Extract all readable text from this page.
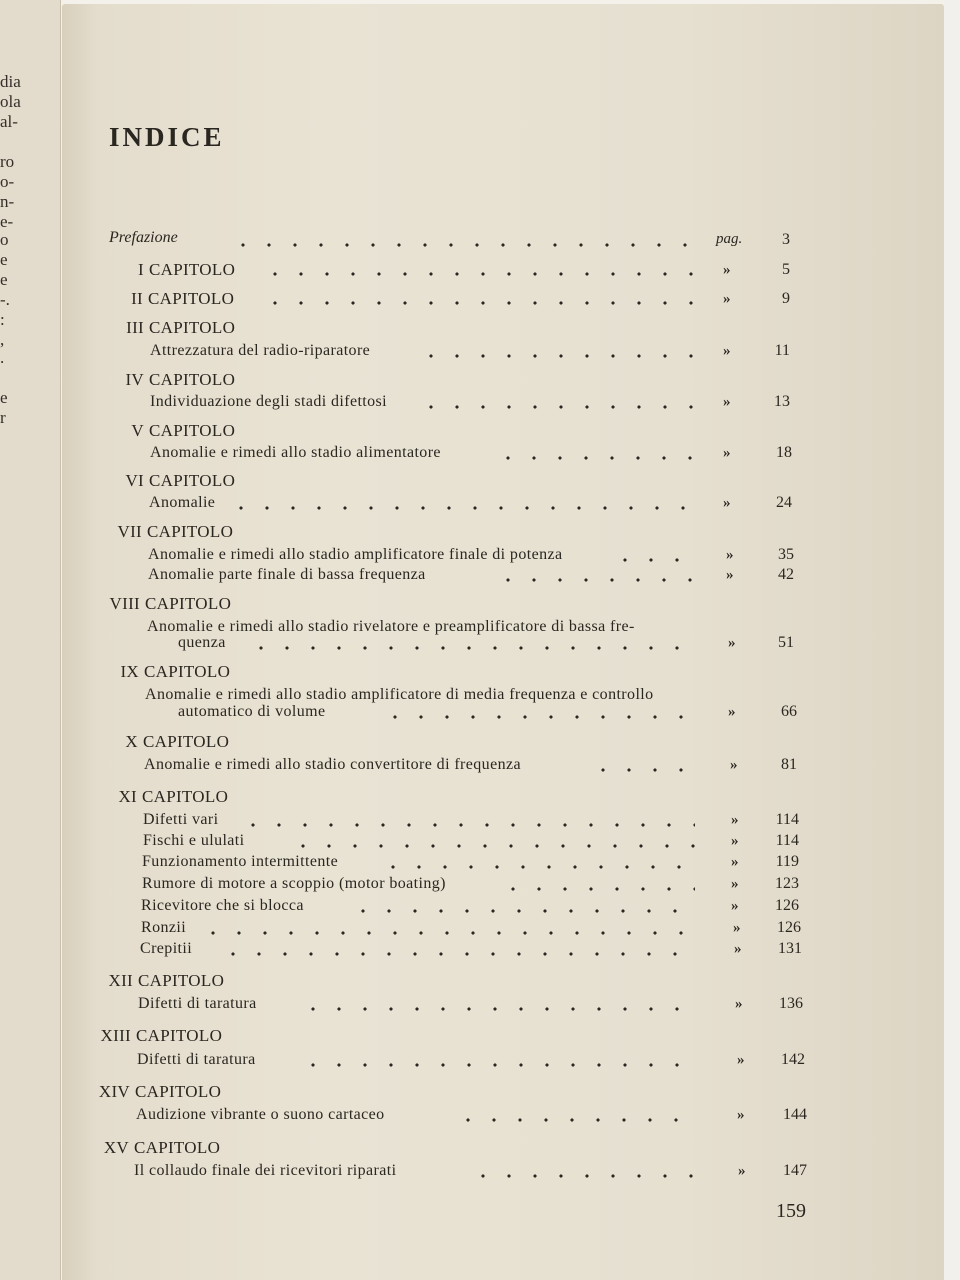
dia
ola
al-
ro
o-
n-
e-
o
e
e
-.
:
,
.
e
r
INDICE
Prefazione	pag.	3
I CAPITOLO	»	5
II CAPITOLO	»	9
III CAPITOLO
Attrezzatura del radio-riparatore	»	11
IV CAPITOLO
Individuazione degli stadi difettosi	»	13
V CAPITOLO
Anomalie e rimedi allo stadio alimentatore	»	18
VI CAPITOLO
Anomalie	»	24
VII CAPITOLO
Anomalie e rimedi allo stadio amplificatore finale di potenza	»	35
Anomalie parte finale di bassa frequenza	»	42
VIII CAPITOLO
Anomalie e rimedi allo stadio rivelatore e preamplificatore di bassa fre-
quenza	»	51
IX CAPITOLO
Anomalie e rimedi allo stadio amplificatore di media frequenza e controllo
automatico di volume	»	66
X CAPITOLO
Anomalie e rimedi allo stadio convertitore di frequenza	»	81
XI CAPITOLO
Difetti vari	»	114
Fischi e ululati	»	114
Funzionamento intermittente	»	119
Rumore di motore a scoppio (motor boating)	»	123
Ricevitore che si blocca	»	126
Ronzii	»	126
Crepitii	»	131
XII CAPITOLO
Difetti di taratura	»	136
XIII CAPITOLO
Difetti di taratura	»	142
XIV CAPITOLO
Audizione vibrante o suono cartaceo	»	144
XV CAPITOLO
Il collaudo finale dei ricevitori riparati	»	147
159
